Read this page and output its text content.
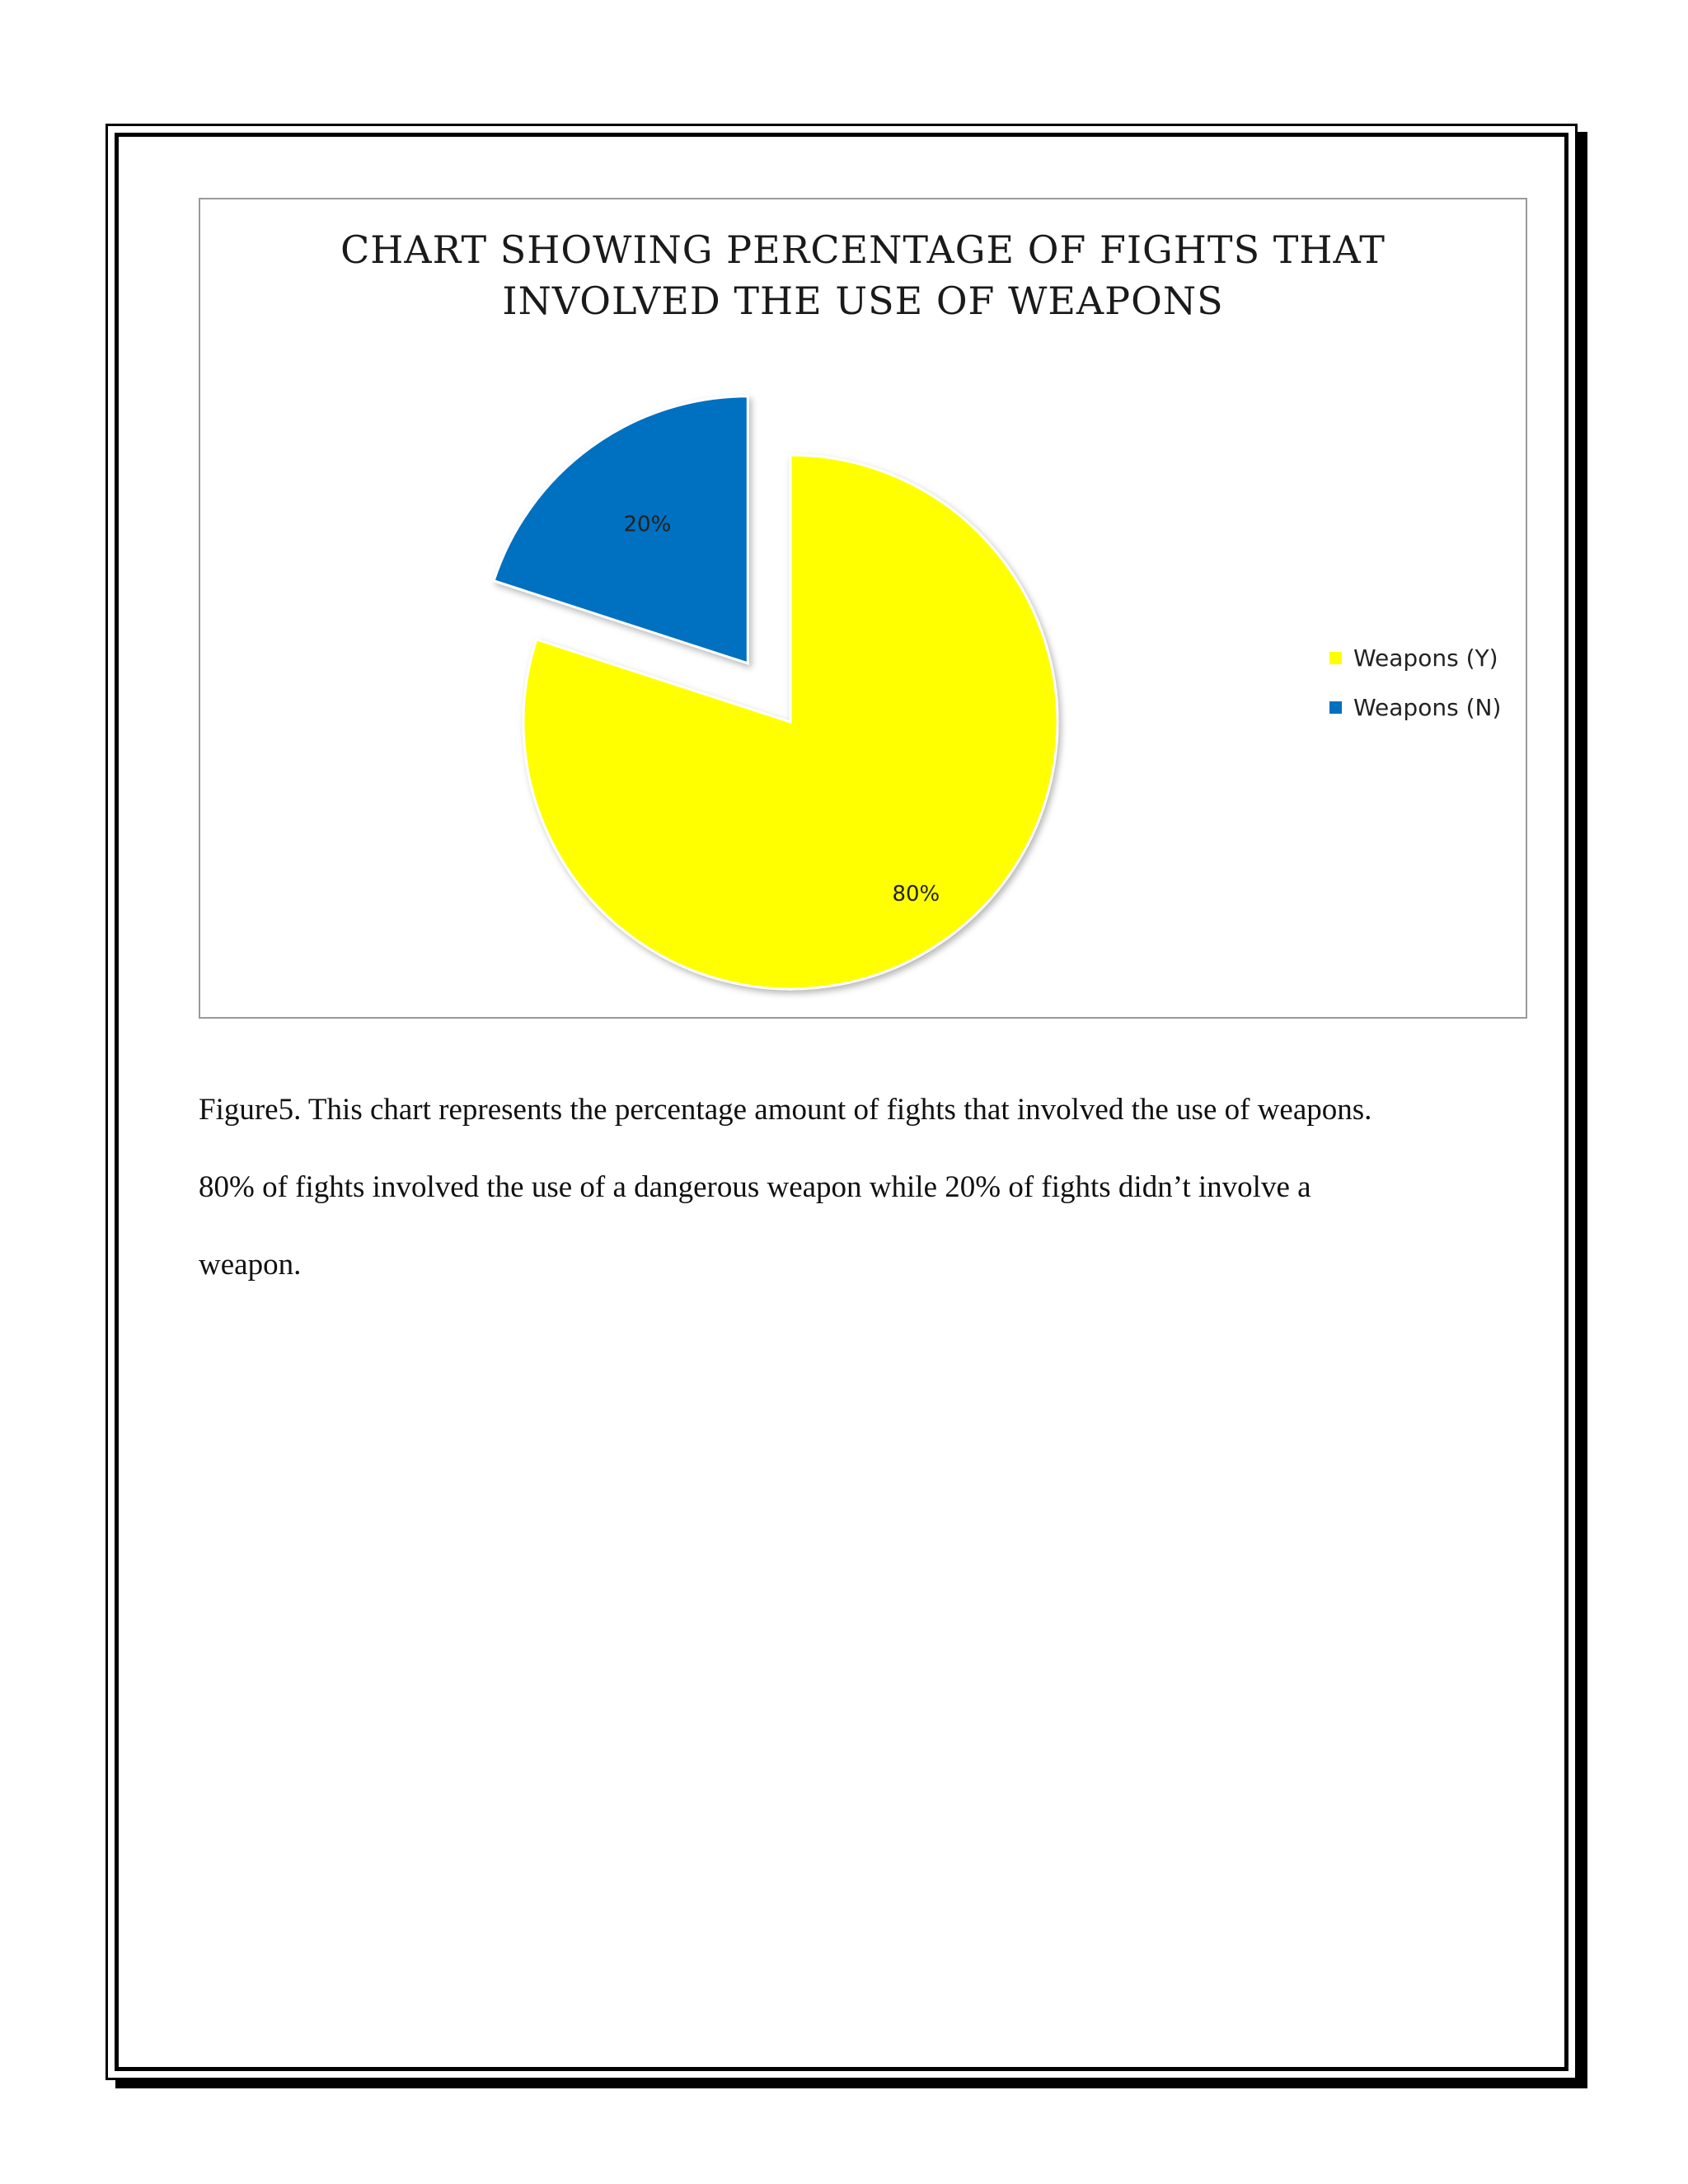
CHART SHOWING PERCENTAGE OF FIGHTS THAT
INVOLVED THE USE OF WEAPONS
80%
20%
Weapons (Y)
Weapons (N)

Figure5. This chart represents the percentage amount of fights that involved the use of weapons.

80% of fights involved the use of a dangerous weapon while 20% of fights didn’t involve a

weapon.
